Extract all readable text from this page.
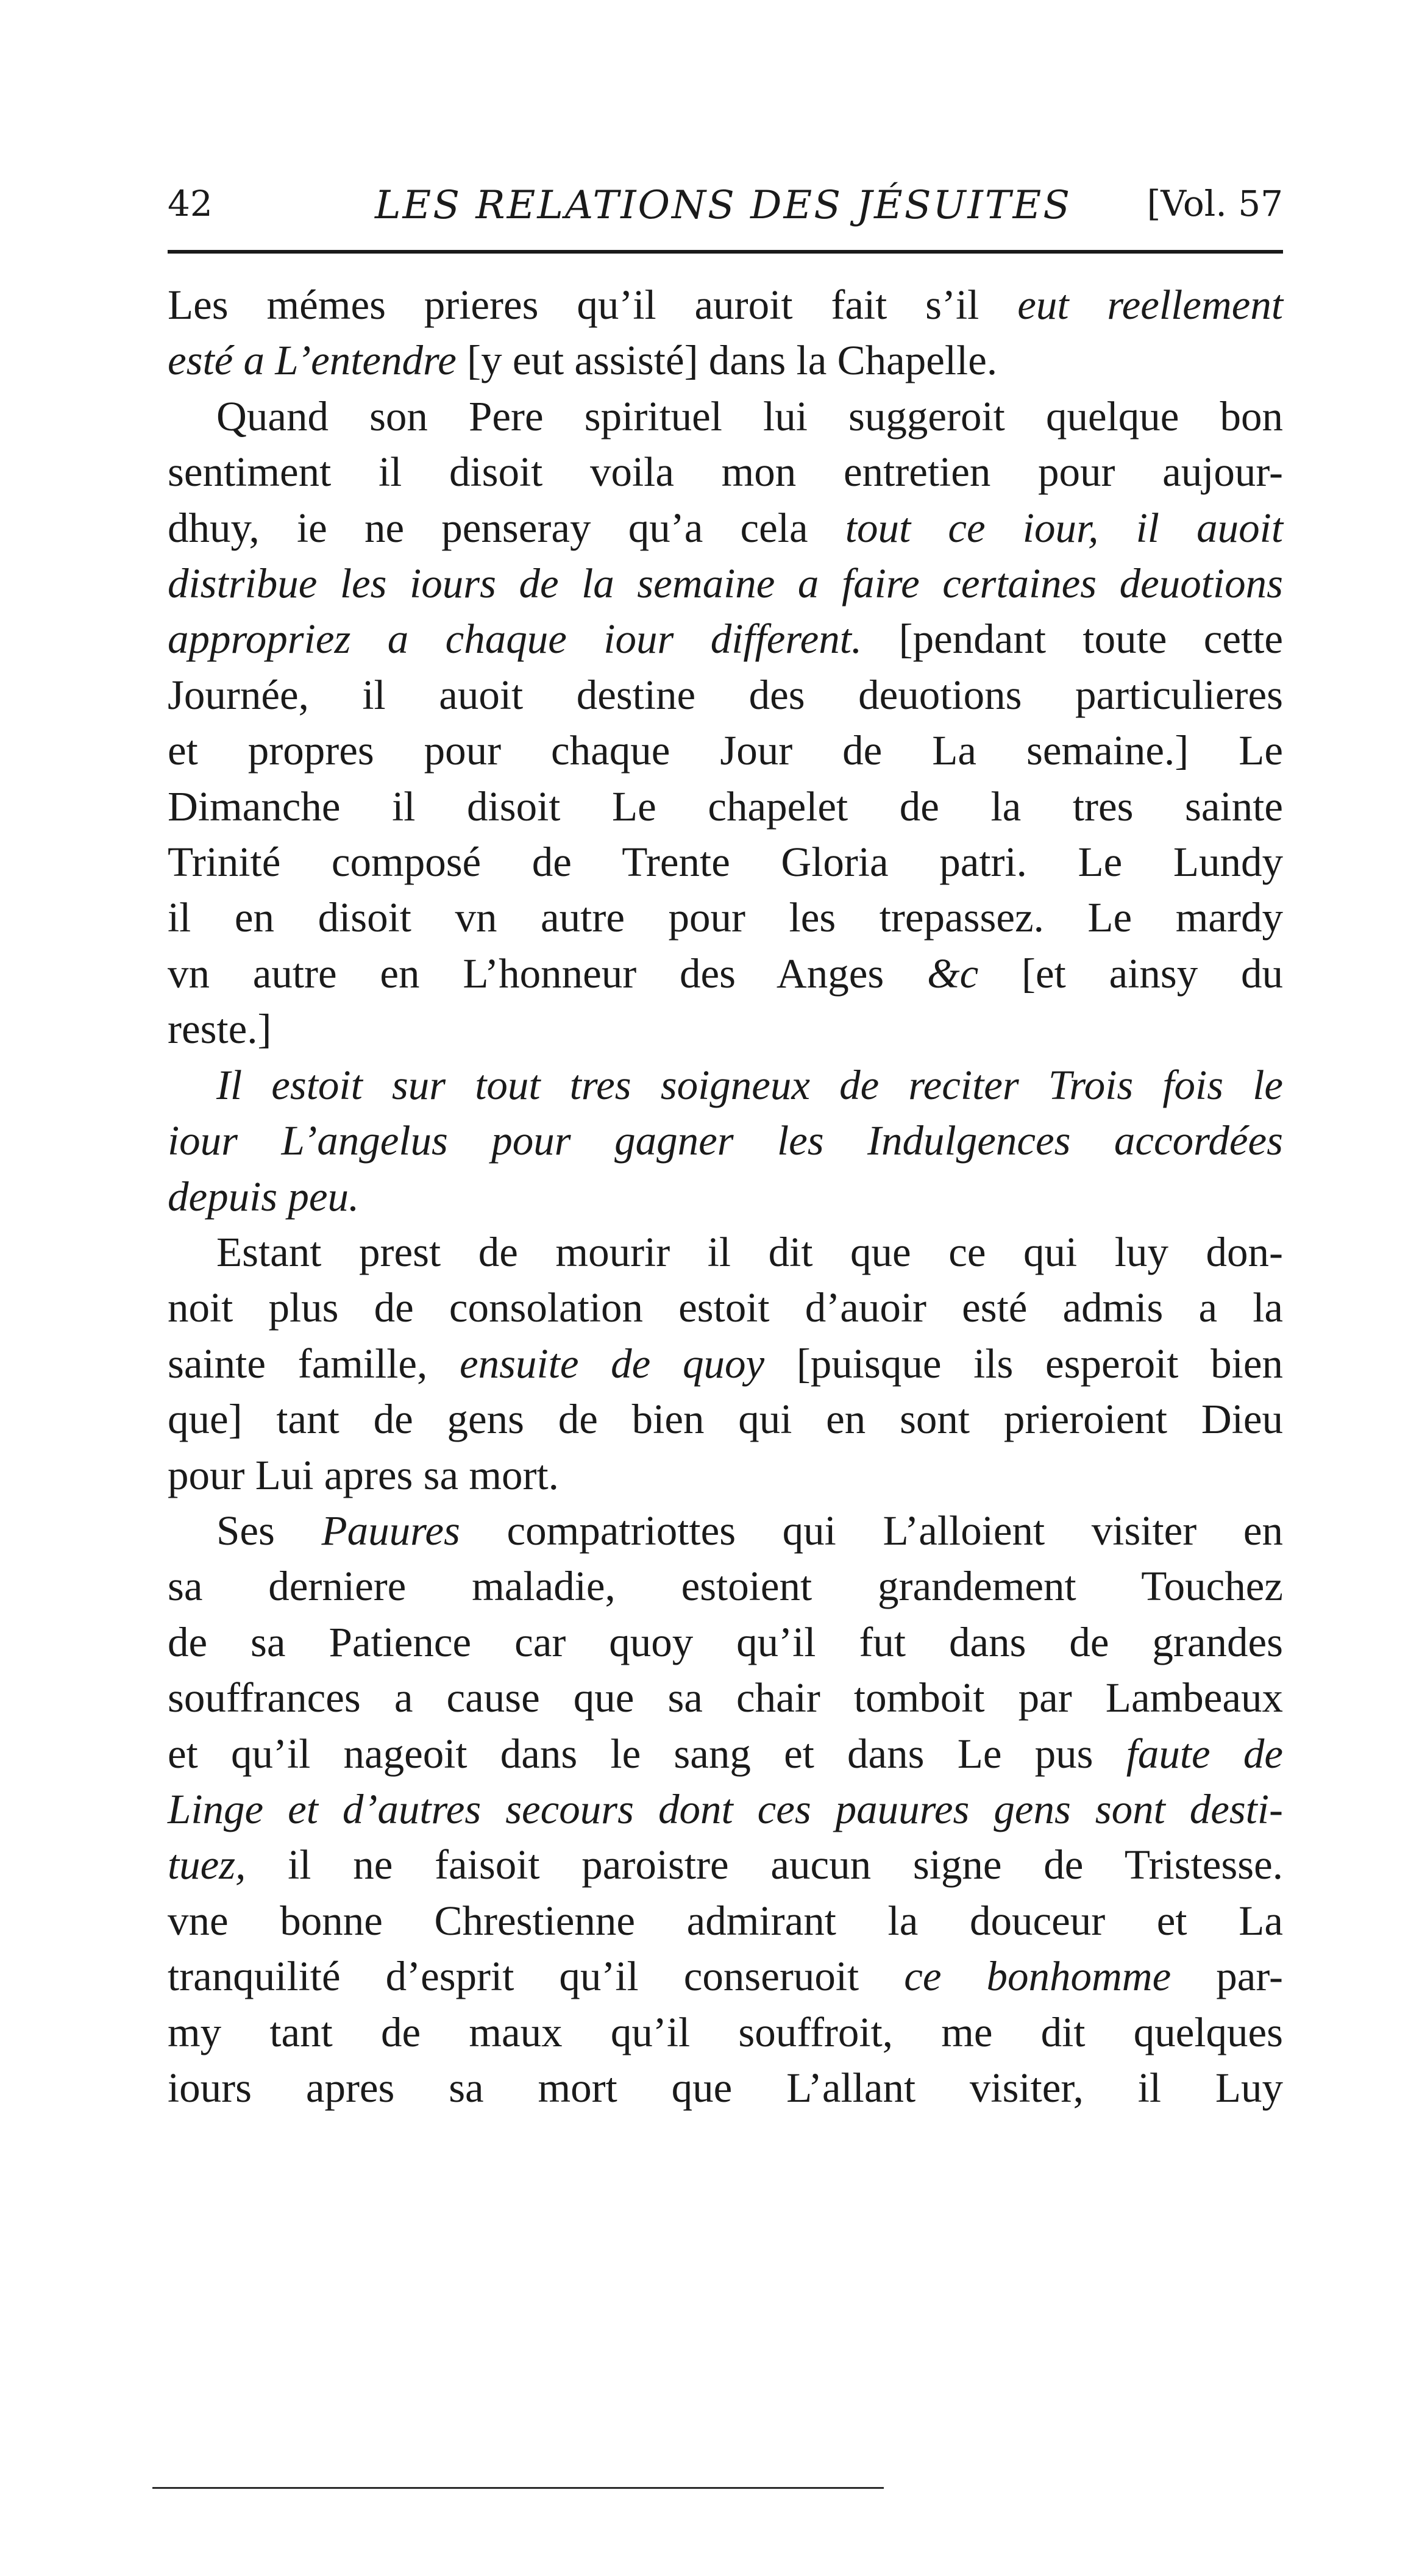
42	LES RELATIONS DES JÉSUITES [Vol. 57

Les mémes prieres qu’il auroit fait s’il eut reellement
esté a L’entendre [y eut assisté] dans la Chapelle.

Quand son Pere spirituel lui suggeroit quelque bon
sentiment il disoit voila mon entretien pour aujour-
dhuy, ie ne penseray qu’a cela tout ce iour, il auoit
distribue les iours de la semaine a faire certaines deuotions
appropriez a chaque iour different. [pendant toute cette
Journée, il auoit destine des deuotions particulieres
et propres pour chaque Jour de La semaine.] Le
Dimanche il disoit Le chapelet de la tres sainte
Trinité composé de Trente Gloria patri. Le Lundy
il en disoit vn autre pour les trepassez. Le mardy
vn autre en L’honneur des Anges &c [et ainsy du
reste.]

Il estoit sur tout tres soigneux de reciter Trois fois le
iour L’angelus pour gagner les Indulgences accordées
depuis peu.

Estant prest de mourir il dit que ce qui luy don-
noit plus de consolation estoit d’auoir esté admis a la
sainte famille, ensuite de quoy [puisque ils esperoit bien
que] tant de gens de bien qui en sont prieroient Dieu
pour Lui apres sa mort.

Ses Pauures compatriottes qui L’alloient visiter en
sa derniere maladie, estoient grandement Touchez
de sa Patience car quoy qu’il fut dans de grandes
souffrances a cause que sa chair tomboit par Lambeaux
et qu’il nageoit dans le sang et dans Le pus faute de
Linge et d’autres secours dont ces pauures gens sont desti-
tuez, il ne faisoit paroistre aucun signe de Tristesse.
vne bonne Chrestienne admirant la douceur et La
tranquilité d’esprit qu’il conseruoit ce bonhomme par-
my tant de maux qu’il souffroit, me dit quelques
iours apres sa mort que L’allant visiter, il Luy
